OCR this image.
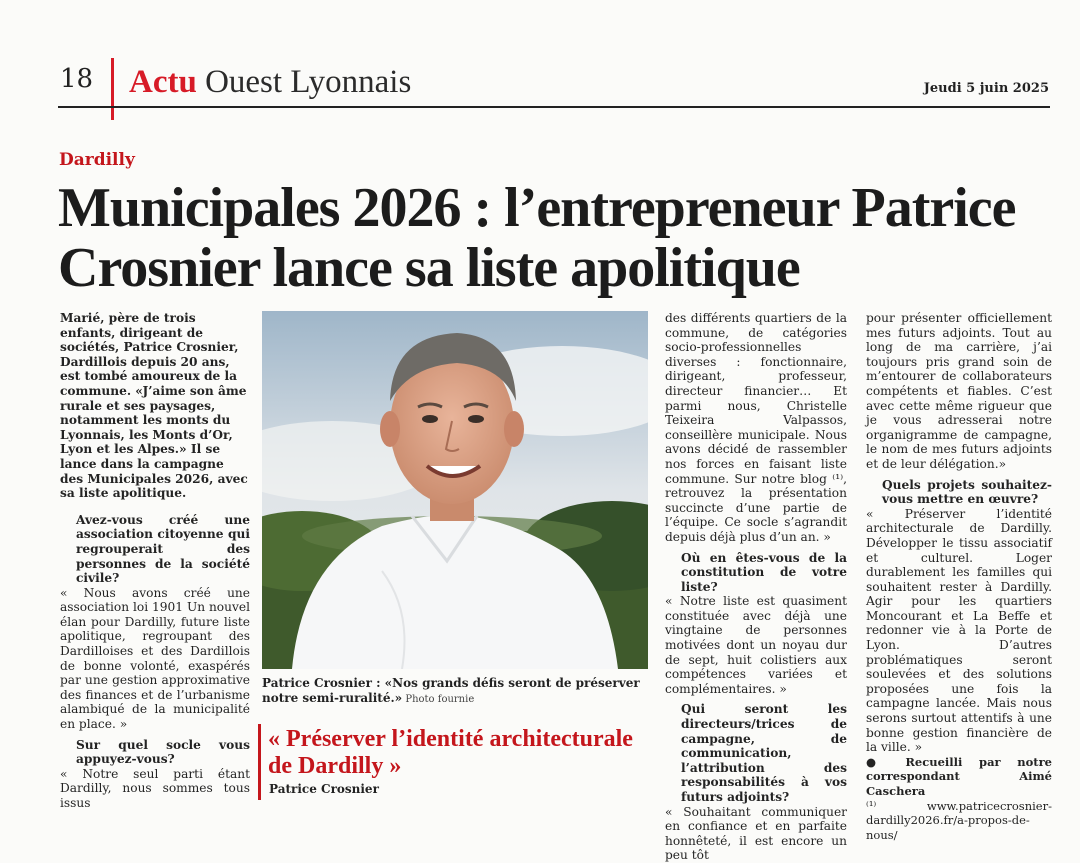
18 Actu Ouest Lyonnais	Jeudi 5 juin 2025
Dardilly
Municipales 2026 : l’entrepreneur Patrice Crosnier lance sa liste apolitique

Marié, père de trois enfants, dirigeant de sociétés, Patrice Crosnier, Dardillois depuis 20 ans, est tombé amoureux de la commune. «J’aime son âme rurale et ses paysages, notamment les monts du Lyonnais, les Monts d’Or, Lyon et les Alpes.» Il se lance dans la campagne des Municipales 2026, avec sa liste apolitique.

Avez-vous créé une association citoyenne qui regrouperait des personnes de la société civile?

« Nous avons créé une association loi 1901 Un nouvel élan pour Dardilly, future liste apolitique, regroupant des Dardilloises et des Dardillois de bonne volonté, exaspérés par une gestion approximative des finances et de l’urbanisme alambiqué de la municipalité en place. »

Sur quel socle vous appuyez-vous?

« Notre seul parti étant Dardilly, nous sommes tous issus

Patrice Crosnier : «Nos grands défis seront de préserver notre semi-ruralité.» Photo fournie
« Préserver l’identité architecturale de Dardilly »
Patrice Crosnier

des différents quartiers de la commune, de catégories socio-professionnelles diverses : fonctionnaire, dirigeant, professeur, directeur financier… Et parmi nous, Christelle Teixeira Valpassos, conseillère municipale. Nous avons décidé de rassembler nos forces en faisant liste commune. Sur notre blog ⁽¹⁾, retrouvez la présentation succincte d’une partie de l’équipe. Ce socle s’agrandit depuis déjà plus d’un an. »

Où en êtes-vous de la constitution de votre liste?

« Notre liste est quasiment constituée avec déjà une vingtaine de personnes motivées dont un noyau dur de sept, huit colistiers aux compétences variées et complémentaires. »

Qui seront les directeurs/trices de campagne, de communication, l’attribution des responsabilités à vos futurs adjoints?

« Souhaitant communiquer en confiance et en parfaite honnêteté, il est encore un peu tôt

pour présenter officiellement mes futurs adjoints. Tout au long de ma carrière, j’ai toujours pris grand soin de m’entourer de collaborateurs compétents et fiables. C’est avec cette même rigueur que je vous adresserai notre organigramme de campagne, le nom de mes futurs adjoints et de leur délégation.»

Quels projets souhaitez-vous mettre en œuvre?

« Préserver l’identité architecturale de Dardilly. Développer le tissu associatif et culturel. Loger durablement les familles qui souhaitent rester à Dardilly. Agir pour les quartiers Moncourant et La Beffe et redonner vie à la Porte de Lyon. D’autres problématiques seront soulevées et des solutions proposées une fois la campagne lancée. Mais nous serons surtout attentifs à une bonne gestion financière de la ville. »

● Recueilli par notre correspondant Aimé Caschera

⁽¹⁾ www.patricecrosnier-dardilly2026.fr/a-propos-de-nous/
